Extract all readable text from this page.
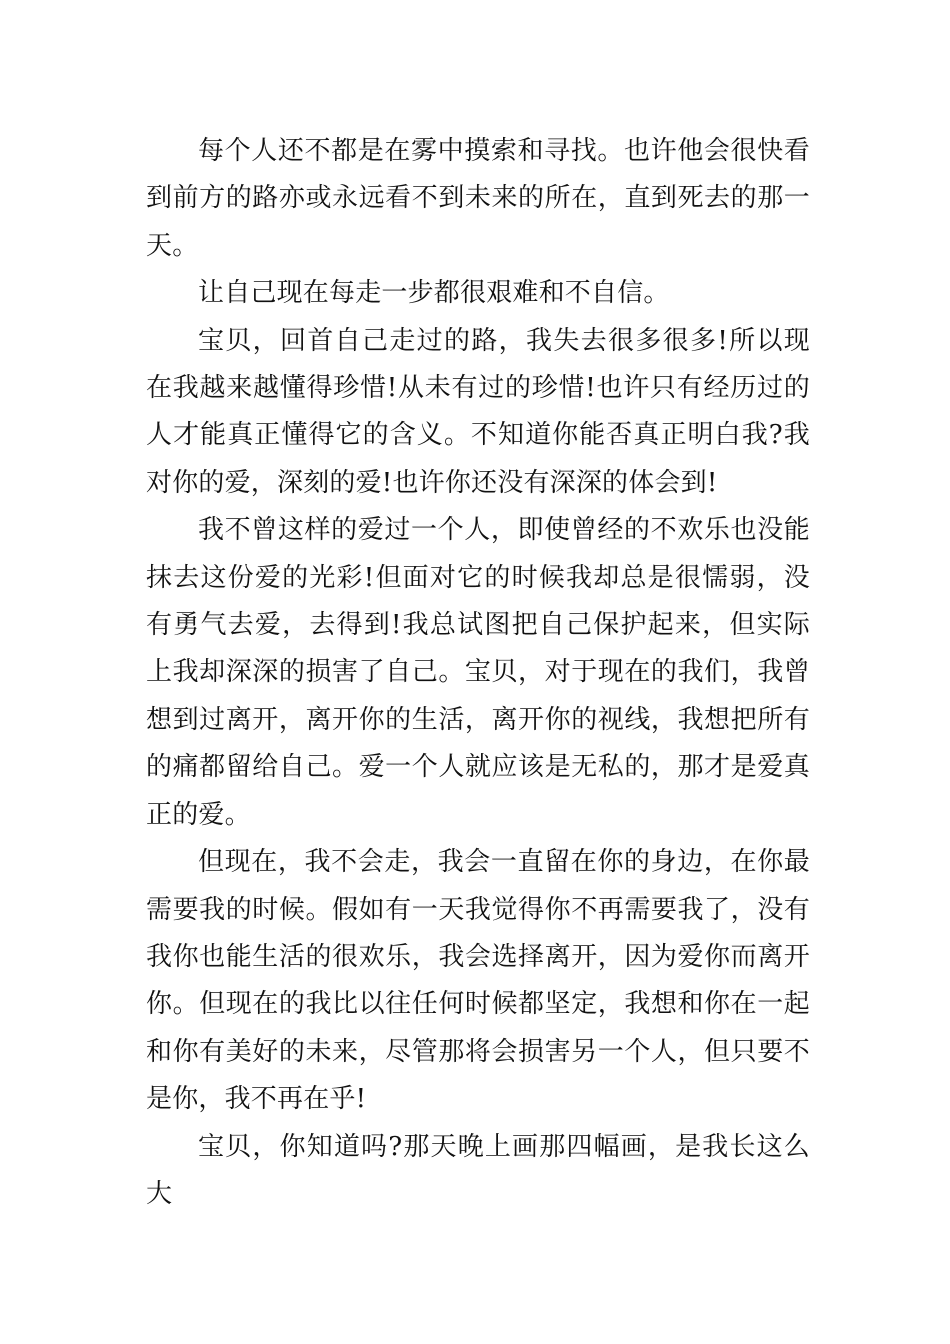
每个人还不都是在雾中摸索和寻找。也许他会很快看到前方的路亦或永远看不到未来的所在，直到死去的那一天。

让自己现在每走一步都很艰难和不自信。

宝贝，回首自己走过的路，我失去很多很多!所以现在我越来越懂得珍惜!从未有过的珍惜!也许只有经历过的人才能真正懂得它的含义。不知道你能否真正明白我?我对你的爱，深刻的爱!也许你还没有深深的体会到!

我不曾这样的爱过一个人，即使曾经的不欢乐也没能抹去这份爱的光彩!但面对它的时候我却总是很懦弱，没有勇气去爱，去得到!我总试图把自己保护起来，但实际上我却深深的损害了自己。宝贝，对于现在的我们，我曾想到过离开，离开你的生活，离开你的视线，我想把所有的痛都留给自己。爱一个人就应该是无私的，那才是爱真正的爱。

但现在，我不会走，我会一直留在你的身边，在你最需要我的时候。假如有一天我觉得你不再需要我了，没有我你也能生活的很欢乐，我会选择离开，因为爱你而离开你。但现在的我比以往任何时候都坚定，我想和你在一起和你有美好的未来，尽管那将会损害另一个人，但只要不是你，我不再在乎!

宝贝，你知道吗?那天晚上画那四幅画，是我长这么大
